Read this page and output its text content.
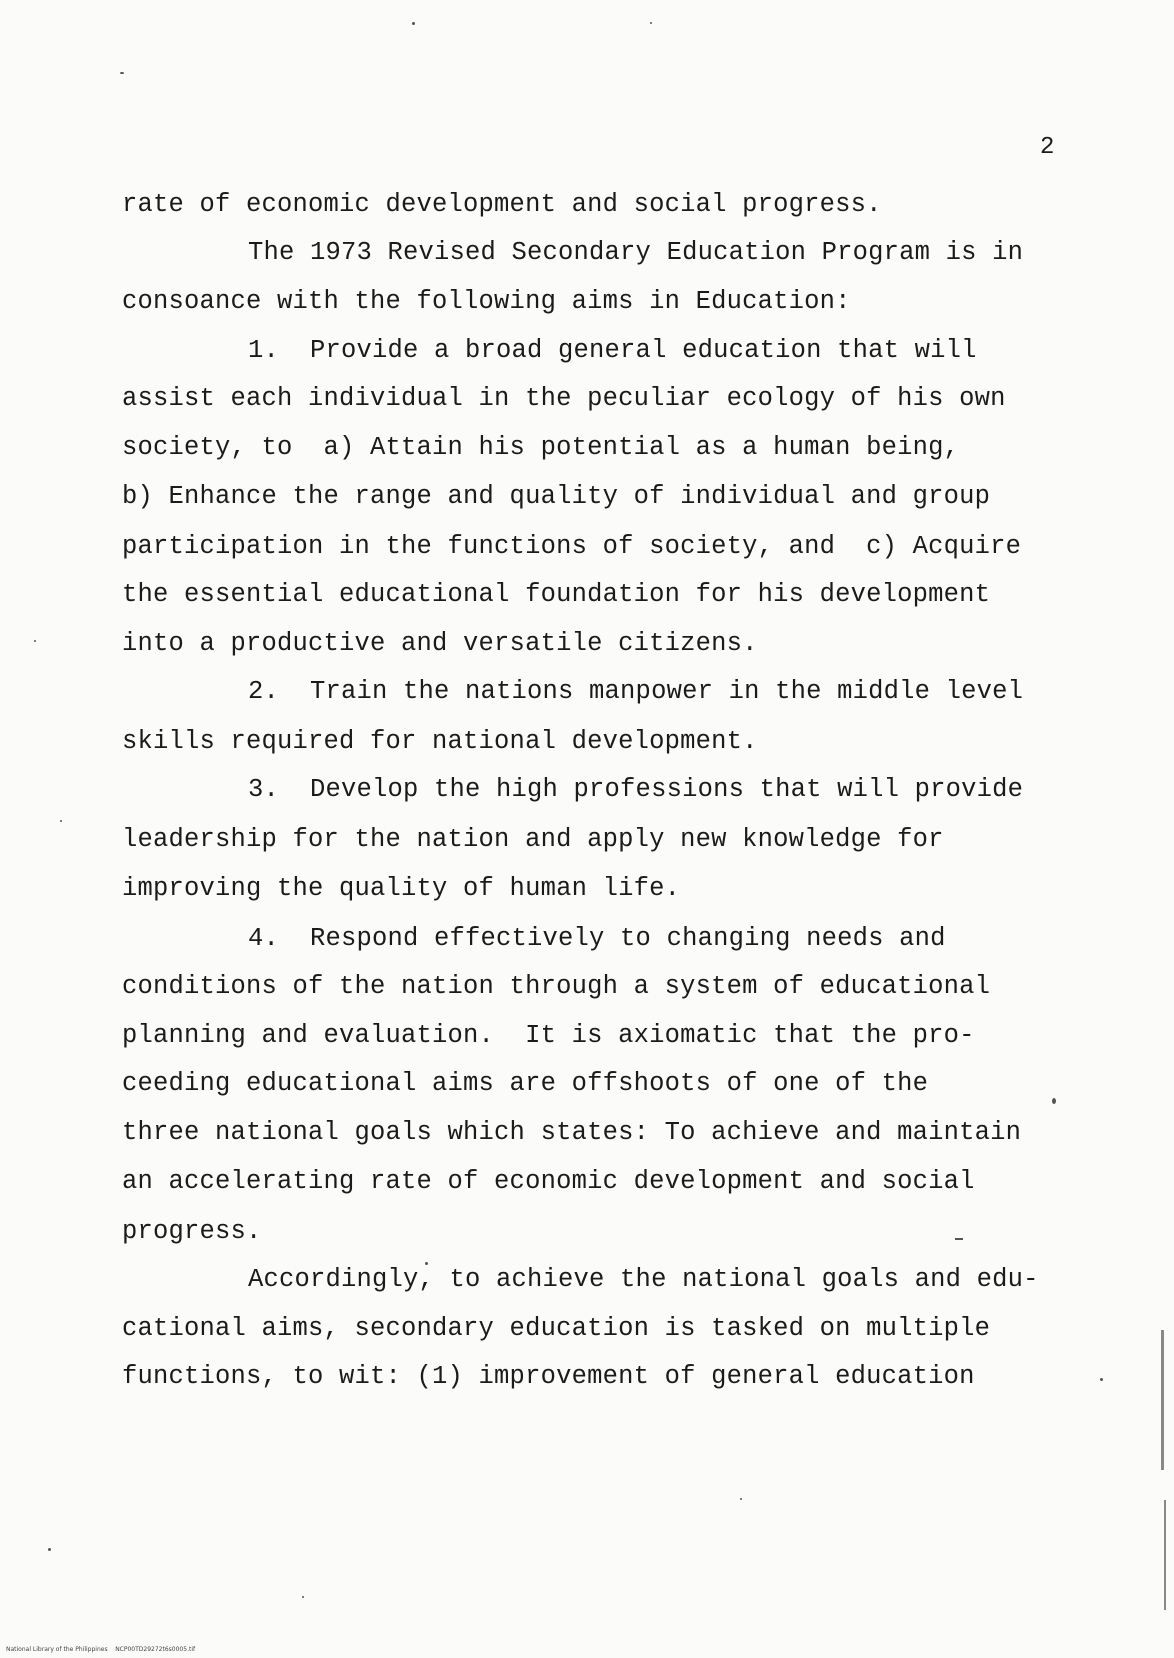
2
rate of economic development and social progress.
The 1973 Revised Secondary Education Program is in
consoance with the following aims in Education:
1.  Provide a broad general education that will
assist each individual in the peculiar ecology of his own
society, to  a) Attain his potential as a human being,
b) Enhance the range and quality of individual and group
participation in the functions of society, and  c) Acquire
the essential educational foundation for his development
into a productive and versatile citizens.
2.  Train the nations manpower in the middle level
skills required for national development.
3.  Develop the high professions that will provide
leadership for the nation and apply new knowledge for
improving the quality of human life.
4.  Respond effectively to changing needs and
conditions of the nation through a system of educational
planning and evaluation.  It is axiomatic that the pro-
ceeding educational aims are offshoots of one of the
three national goals which states: To achieve and maintain
an accelerating rate of economic development and social
progress.
Accordingly, to achieve the national goals and edu-
cational aims, secondary education is tasked on multiple
functions, to wit: (1) improvement of general education
National Library of the Philippines    NCP00TD29272t6s0005.tif
